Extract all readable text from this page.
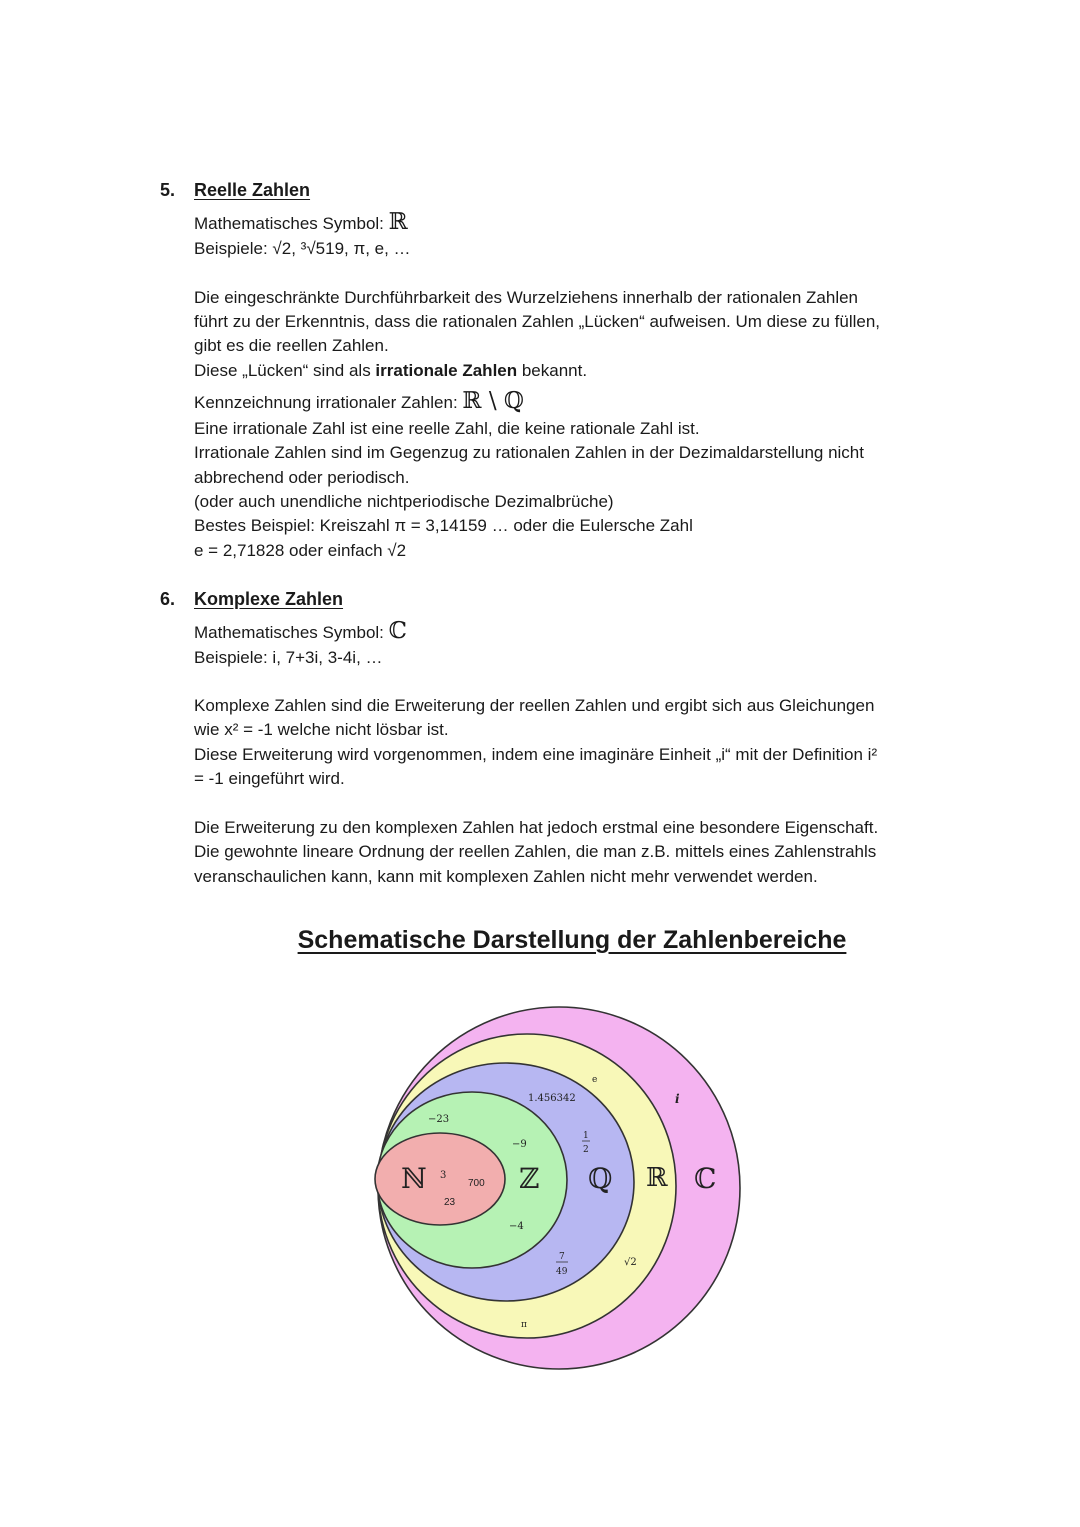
5. Reelle Zahlen
Mathematisches Symbol: ℝ
Beispiele: √2, ³√519, π, e, …
Die eingeschränkte Durchführbarkeit des Wurzelziehens innerhalb der rationalen Zahlen
führt zu der Erkenntnis, dass die rationalen Zahlen „Lücken“ aufweisen. Um diese zu füllen,
gibt es die reellen Zahlen.
Diese „Lücken“ sind als irrationale Zahlen bekannt.
Kennzeichnung irrationaler Zahlen: ℝ \ ℚ
Eine irrationale Zahl ist eine reelle Zahl, die keine rationale Zahl ist.
Irrationale Zahlen sind im Gegenzug zu rationalen Zahlen in der Dezimaldarstellung nicht
abbrechend oder periodisch.
(oder auch unendliche nichtperiodische Dezimalbrüche)
Bestes Beispiel: Kreiszahl π = 3,14159 … oder die Eulersche Zahl
e = 2,71828 oder einfach √2
6. Komplexe Zahlen
Mathematisches Symbol: ℂ
Beispiele: i, 7+3i, 3-4i, …
Komplexe Zahlen sind die Erweiterung der reellen Zahlen und ergibt sich aus Gleichungen
wie x² = -1 welche nicht lösbar ist.
Diese Erweiterung wird vorgenommen, indem eine imaginäre Einheit „i“ mit der Definition i²
= -1 eingeführt wird.
Die Erweiterung zu den komplexen Zahlen hat jedoch erstmal eine besondere Eigenschaft.
Die gewohnte lineare Ordnung der reellen Zahlen, die man z.B. mittels eines Zahlenstrahls
veranschaulichen kann, kann mit komplexen Zahlen nicht mehr verwendet werden.
Schematische Darstellung der Zahlenbereiche
ℕ 3
700
23
ℤ
−23
−9
−4
ℚ
1.456342
1
2
7
49
ℝ
e
√2
π
ℂ
i
